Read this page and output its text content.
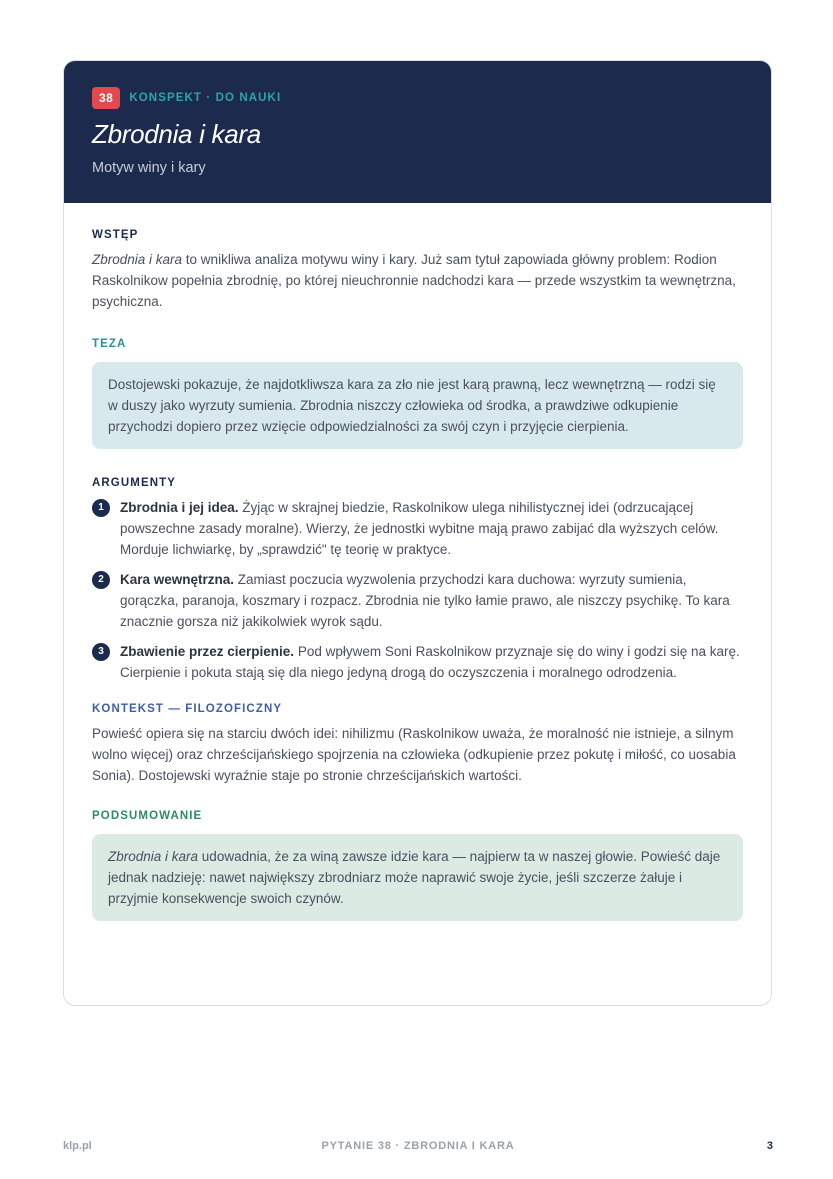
38	KONSPEKT · DO NAUKI
Zbrodnia i kara
Motyw winy i kary
WSTĘP

Zbrodnia i kara to wnikliwa analiza motywu winy i kary. Już sam tytuł zapowiada główny problem: Rodion Raskolnikow popełnia zbrodnię, po której nieuchronnie nadchodzi kara — przede wszystkim ta wewnętrzna, psychiczna.

TEZA

Dostojewski pokazuje, że najdotkliwsza kara za zło nie jest karą prawną, lecz wewnętrzną — rodzi się w duszy jako wyrzuty sumienia. Zbrodnia niszczy człowieka od środka, a prawdziwe odkupienie przychodzi dopiero przez wzięcie odpowiedzialności za swój czyn i przyjęcie cierpienia.

ARGUMENTY
1	Zbrodnia i jej idea. Żyjąc w skrajnej biedzie, Raskolnikow ulega nihilistycznej idei (odrzucającej powszechne zasady moralne). Wierzy, że jednostki wybitne mają prawo zabijać dla wyższych celów. Morduje lichwiarkę, by „sprawdzić" tę teorię w praktyce.

2	Kara wewnętrzna. Zamiast poczucia wyzwolenia przychodzi kara duchowa: wyrzuty sumienia, gorączka, paranoja, koszmary i rozpacz. Zbrodnia nie tylko łamie prawo, ale niszczy psychikę. To kara znacznie gorsza niż jakikolwiek wyrok sądu.

3	Zbawienie przez cierpienie. Pod wpływem Soni Raskolnikow przyznaje się do winy i godzi się na karę. Cierpienie i pokuta stają się dla niego jedyną drogą do oczyszczenia i moralnego odrodzenia.

KONTEKST — FILOZOFICZNY

Powieść opiera się na starciu dwóch idei: nihilizmu (Raskolnikow uważa, że moralność nie istnieje, a silnym wolno więcej) oraz chrześcijańskiego spojrzenia na człowieka (odkupienie przez pokutę i miłość, co uosabia Sonia). Dostojewski wyraźnie staje po stronie chrześcijańskich wartości.

PODSUMOWANIE

Zbrodnia i kara udowadnia, że za winą zawsze idzie kara — najpierw ta w naszej głowie. Powieść daje jednak nadzieję: nawet największy zbrodniarz może naprawić swoje życie, jeśli szczerze żałuje i przyjmie konsekwencje swoich czynów.

klp.pl	PYTANIE 38 · ZBRODNIA I KARA	3
